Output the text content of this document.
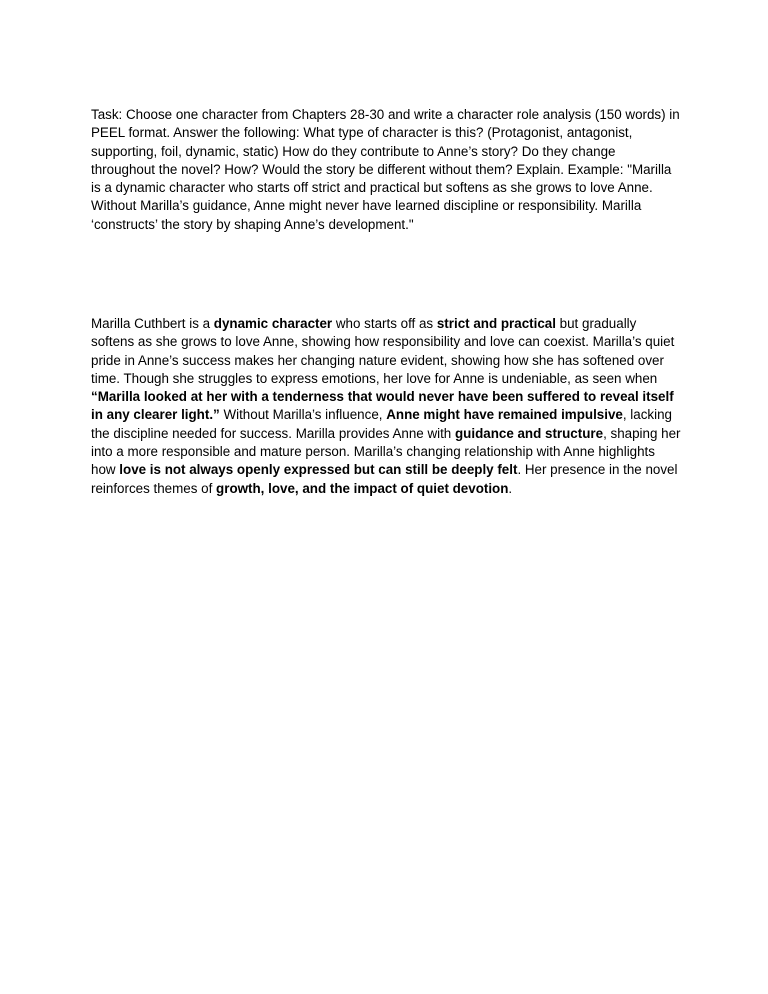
Task: Choose one character from Chapters 28-30 and write a character role analysis (150 words) in PEEL format. Answer the following: What type of character is this? (Protagonist, antagonist, supporting, foil, dynamic, static) How do they contribute to Anne’s story? Do they change throughout the novel? How? Would the story be different without them? Explain. Example: "Marilla is a dynamic character who starts off strict and practical but softens as she grows to love Anne. Without Marilla’s guidance, Anne might never have learned discipline or responsibility. Marilla ‘constructs’ the story by shaping Anne’s development."

Marilla Cuthbert is a dynamic character who starts off as strict and practical but gradually softens as she grows to love Anne, showing how responsibility and love can coexist. Marilla’s quiet pride in Anne’s success makes her changing nature evident, showing how she has softened over time. Though she struggles to express emotions, her love for Anne is undeniable, as seen when “Marilla looked at her with a tenderness that would never have been suffered to reveal itself in any clearer light.” Without Marilla’s influence, Anne might have remained impulsive, lacking the discipline needed for success. Marilla provides Anne with guidance and structure, shaping her into a more responsible and mature person. Marilla’s changing relationship with Anne highlights how love is not always openly expressed but can still be deeply felt. Her presence in the novel reinforces themes of growth, love, and the impact of quiet devotion.
